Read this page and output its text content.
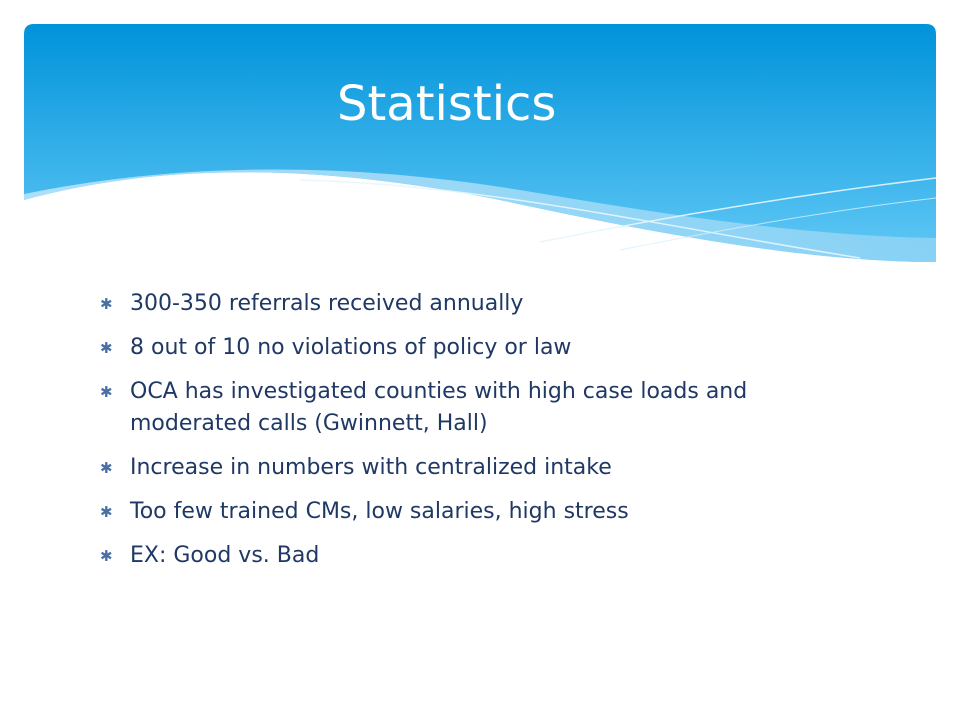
Statistics
✱ 300-350 referrals received annually
✱ 8 out of 10 no violations of policy or law
✱ OCA has investigated counties with high case loads and moderated calls (Gwinnett, Hall)
✱ Increase in numbers with centralized intake
✱ Too few trained CMs, low salaries, high stress
✱ EX: Good vs. Bad
